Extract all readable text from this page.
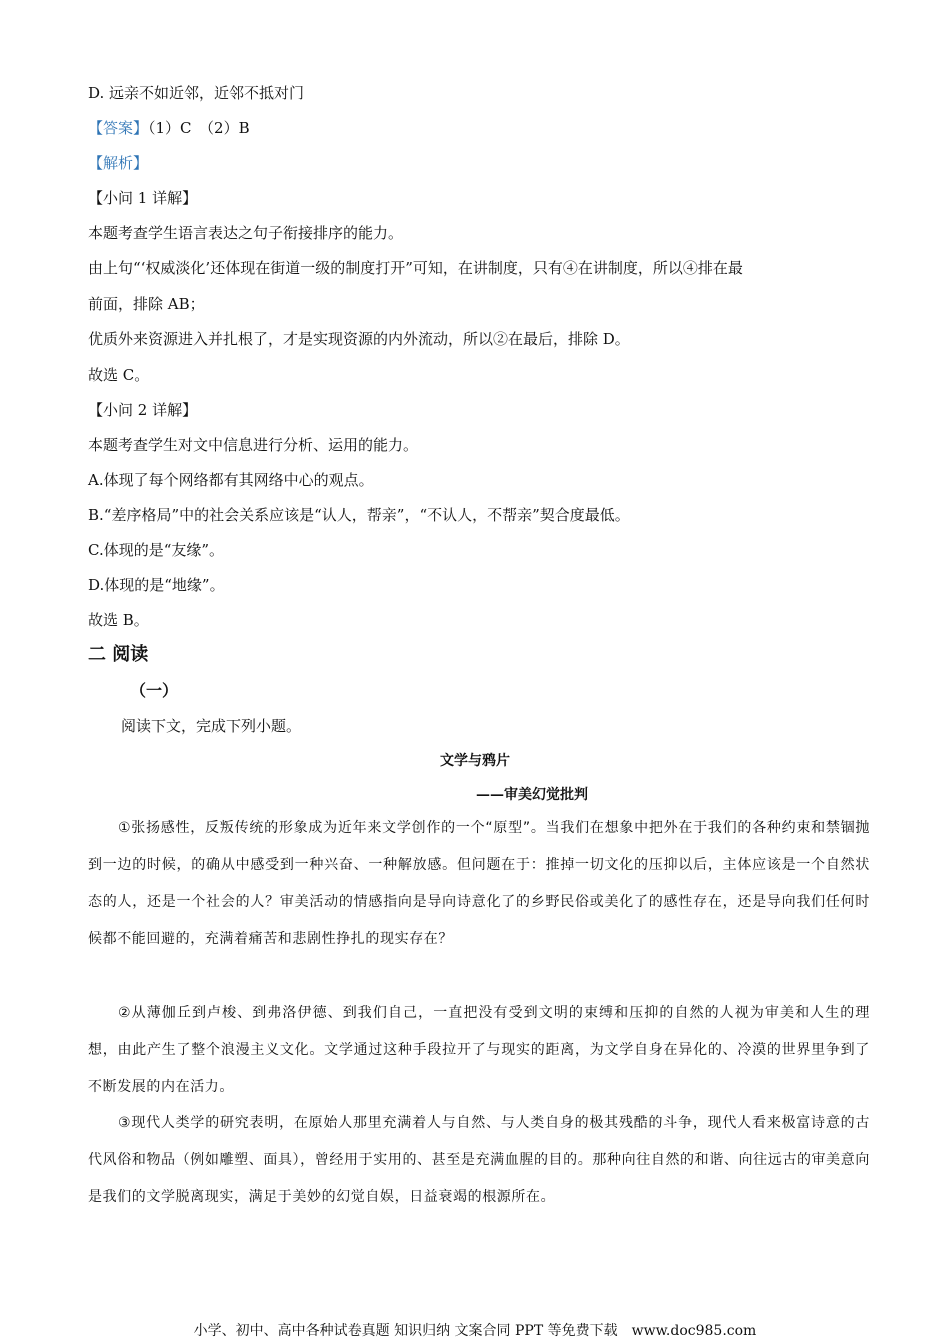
D. 远亲不如近邻，近邻不抵对门
【答案】（1）C　（2）B
【解析】
【小问 1 详解】
本题考查学生语言表达之句子衔接排序的能力。
由上句“‘权威淡化’还体现在街道一级的制度打开”可知，在讲制度，只有④在讲制度，所以④排在最
前面，排除 AB；
优质外来资源进入并扎根了，才是实现资源的内外流动，所以②在最后，排除 D。
故选 C。
【小问 2 详解】
本题考查学生对文中信息进行分析、运用的能力。
A.体现了每个网络都有其网络中心的观点。
B.“差序格局”中的社会关系应该是“认人，帮亲”，“不认人，不帮亲”契合度最低。
C.体现的是“友缘”。
D.体现的是“地缘”。
故选 B。
二 阅读
（一）
阅读下文，完成下列小题。
文学与鸦片
——审美幻觉批判
①张扬感性，反叛传统的形象成为近年来文学创作的一个“原型”。当我们在想象中把外在于我们的各种约束和禁锢抛到一边的时候，的确从中感受到一种兴奋、一种解放感。但问题在于：推掉一切文化的压抑以后，主体应该是一个自然状态的人，还是一个社会的人？审美活动的情感指向是导向诗意化了的乡野民俗或美化了的感性存在，还是导向我们任何时候都不能回避的，充满着痛苦和悲剧性挣扎的现实存在？
②从薄伽丘到卢梭、到弗洛伊德、到我们自己，一直把没有受到文明的束缚和压抑的自然的人视为审美和人生的理想，由此产生了整个浪漫主义文化。文学通过这种手段拉开了与现实的距离，为文学自身在异化的、冷漠的世界里争到了不断发展的内在活力。
③现代人类学的研究表明，在原始人那里充满着人与自然、与人类自身的极其残酷的斗争，现代人看来极富诗意的古代风俗和物品（例如雕塑、面具），曾经用于实用的、甚至是充满血腥的目的。那种向往自然的和谐、向往远古的审美意向是我们的文学脱离现实，满足于美妙的幻觉自娱，日益衰竭的根源所在。
小学、初中、高中各种试卷真题 知识归纳 文案合同 PPT 等免费下载　www.doc985.com
